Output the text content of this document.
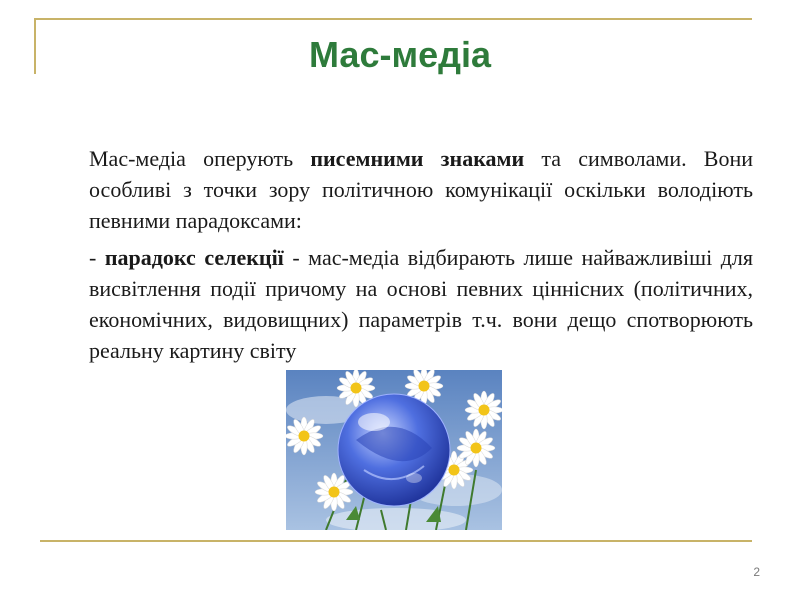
Мас-медіа

Мас-медіа оперують писемними знаками та символами. Вони особливі з точки зору політичною комунікації оскільки володіють певними парадоксами:

- парадокс селекції - мас-медіа відбирають лише найважливіші для висвітлення події причому на основі певних ціннісних (політичних, економічних, видовищних) параметрів т.ч. вони дещо спотворюють реальну картину світу

2
